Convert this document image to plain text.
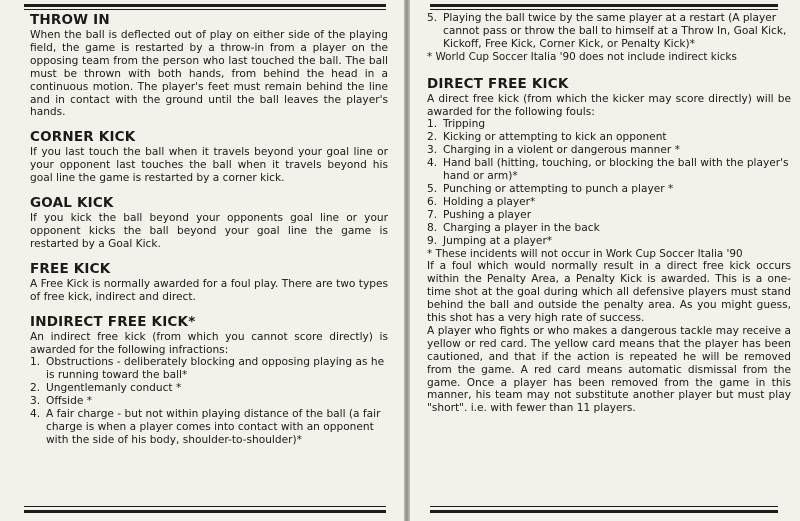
THROW IN

When the ball is deflected out of play on either side of the playing field, the game is restarted by a throw-in from a player on the opposing team from the person who last touched the ball. The ball must be thrown with both hands, from behind the head in a continuous motion. The player's feet must remain behind the line and in contact with the ground until the ball leaves the player's hands.

CORNER KICK

If you last touch the ball when it travels beyond your goal line or your opponent last touches the ball when it travels beyond his goal line the game is restarted by a corner kick.

GOAL KICK

If you kick the ball beyond your opponents goal line or your opponent kicks the ball beyond your goal line the game is restarted by a Goal Kick.

FREE KICK

A Free Kick is normally awarded for a foul play. There are two types of free kick, indirect and direct.

INDIRECT FREE KICK*

An indirect free kick (from which you cannot score directly) is awarded for the following infractions:

1. Obstructions - deliberately blocking and opposing playing as he is running toward the ball*
2. Ungentlemanly conduct *
3. Offside *
4. A fair charge - but not within playing distance of the ball (a fair charge is when a player comes into contact with an opponent with the side of his body, shoulder-to-shoulder)*
5. Playing the ball twice by the same player at a restart (A player cannot pass or throw the ball to himself at a Throw In, Goal Kick, Kickoff, Free Kick, Corner Kick, or Penalty Kick)*

* World Cup Soccer Italia '90 does not include indirect kicks

DIRECT FREE KICK

A direct free kick (from which the kicker may score directly) will be awarded for the following fouls:

1. Tripping
2. Kicking or attempting to kick an opponent
3. Charging in a violent or dangerous manner *
4. Hand ball (hitting, touching, or blocking the ball with the player's hand or arm)*
5. Punching or attempting to punch a player *
6. Holding a player*
7. Pushing a player
8. Charging a player in the back
9. Jumping at a player*

* These incidents will not occur in Work Cup Soccer Italia '90

If a foul which would normally result in a direct free kick occurs within the Penalty Area, a Penalty Kick is awarded. This is a one-time shot at the goal during which all defensive players must stand behind the ball and outside the penalty area. As you might guess, this shot has a very high rate of success.

A player who fights or who makes a dangerous tackle may receive a yellow or red card. The yellow card means that the player has been cautioned, and that if the action is repeated he will be removed from the game. A red card means automatic dismissal from the game. Once a player has been removed from the game in this manner, his team may not substitute another player but must play "short". i.e. with fewer than 11 players.
